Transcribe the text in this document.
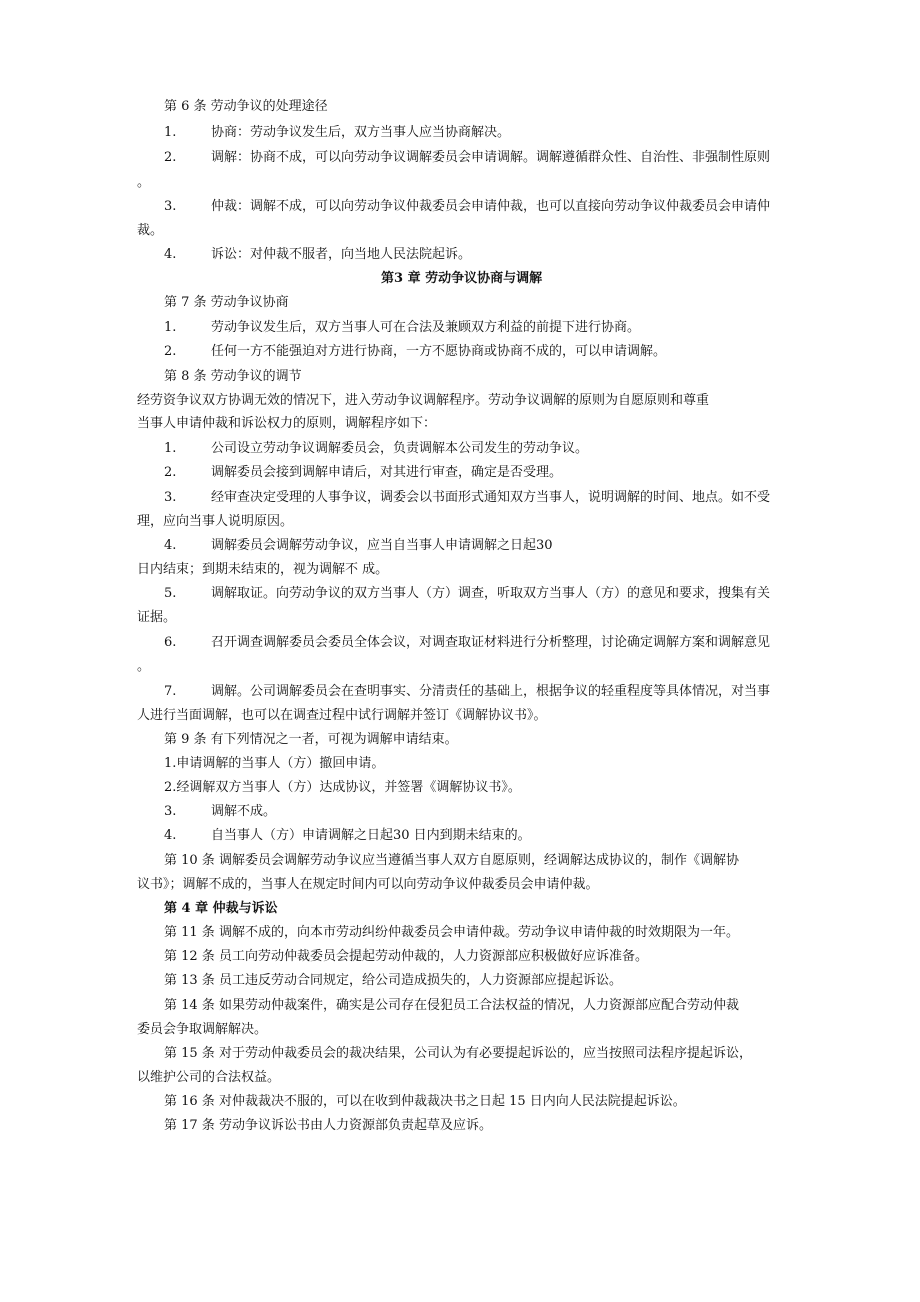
第 6 条 劳动争议的处理途径
1.	协商：劳动争议发生后，双方当事人应当协商解决。
2.	调解：协商不成，可以向劳动争议调解委员会申请调解。调解遵循群众性、自治性、非强制性原则
。
3.	仲裁：调解不成，可以向劳动争议仲裁委员会申请仲裁，也可以直接向劳动争议仲裁委员会申请仲
裁。
4.	诉讼：对仲裁不服者，向当地人民法院起诉。
第3 章 劳动争议协商与调解
第 7 条 劳动争议协商
1.	劳动争议发生后，双方当事人可在合法及兼顾双方利益的前提下进行协商。
2.	任何一方不能强迫对方进行协商，一方不愿协商或协商不成的，可以申请调解。
第 8 条 劳动争议的调节
经劳资争议双方协调无效的情况下，进入劳动争议调解程序。劳动争议调解的原则为自愿原则和尊重
当事人申请仲裁和诉讼权力的原则，调解程序如下：
1.	公司设立劳动争议调解委员会，负责调解本公司发生的劳动争议。
2.	调解委员会接到调解申请后，对其进行审查，确定是否受理。
3.	经审查决定受理的人事争议，调委会以书面形式通知双方当事人，说明调解的时间、地点。如不受
理，应向当事人说明原因。
4.	调解委员会调解劳动争议，应当自当事人申请调解之日起30
日内结束；到期未结束的，视为调解不 成。
5.	调解取证。向劳动争议的双方当事人（方）调查，听取双方当事人（方）的意见和要求，搜集有关
证据。
6.	召开调查调解委员会委员全体会议，对调查取证材料进行分析整理，讨论确定调解方案和调解意见
。
7.	调解。公司调解委员会在查明事实、分清责任的基础上，根据争议的轻重程度等具体情况，对当事
人进行当面调解，也可以在调查过程中试行调解并签订《调解协议书》。
第 9 条 有下列情况之一者，可视为调解申请结束。
1.申请调解的当事人（方）撤回申请。
2.经调解双方当事人（方）达成协议，并签署《调解协议书》。
3.	调解不成。
4.	自当事人（方）申请调解之日起30 日内到期未结束的。
第 10 条 调解委员会调解劳动争议应当遵循当事人双方自愿原则，经调解达成协议的，制作《调解协
议书》；调解不成的，当事人在规定时间内可以向劳动争议仲裁委员会申请仲裁。
第 4 章 仲裁与诉讼
第 11 条 调解不成的，向本市劳动纠纷仲裁委员会申请仲裁。劳动争议申请仲裁的时效期限为一年。
第 12 条 员工向劳动仲裁委员会提起劳动仲裁的，人力资源部应积极做好应诉准备。
第 13 条 员工违反劳动合同规定，给公司造成损失的，人力资源部应提起诉讼。
第 14 条 如果劳动仲裁案件，确实是公司存在侵犯员工合法权益的情况，人力资源部应配合劳动仲裁
委员会争取调解解决。
第 15 条 对于劳动仲裁委员会的裁决结果，公司认为有必要提起诉讼的，应当按照司法程序提起诉讼，
以维护公司的合法权益。
第 16 条 对仲裁裁决不服的，可以在收到仲裁裁决书之日起 15 日内向人民法院提起诉讼。
第 17 条 劳动争议诉讼书由人力资源部负责起草及应诉。
